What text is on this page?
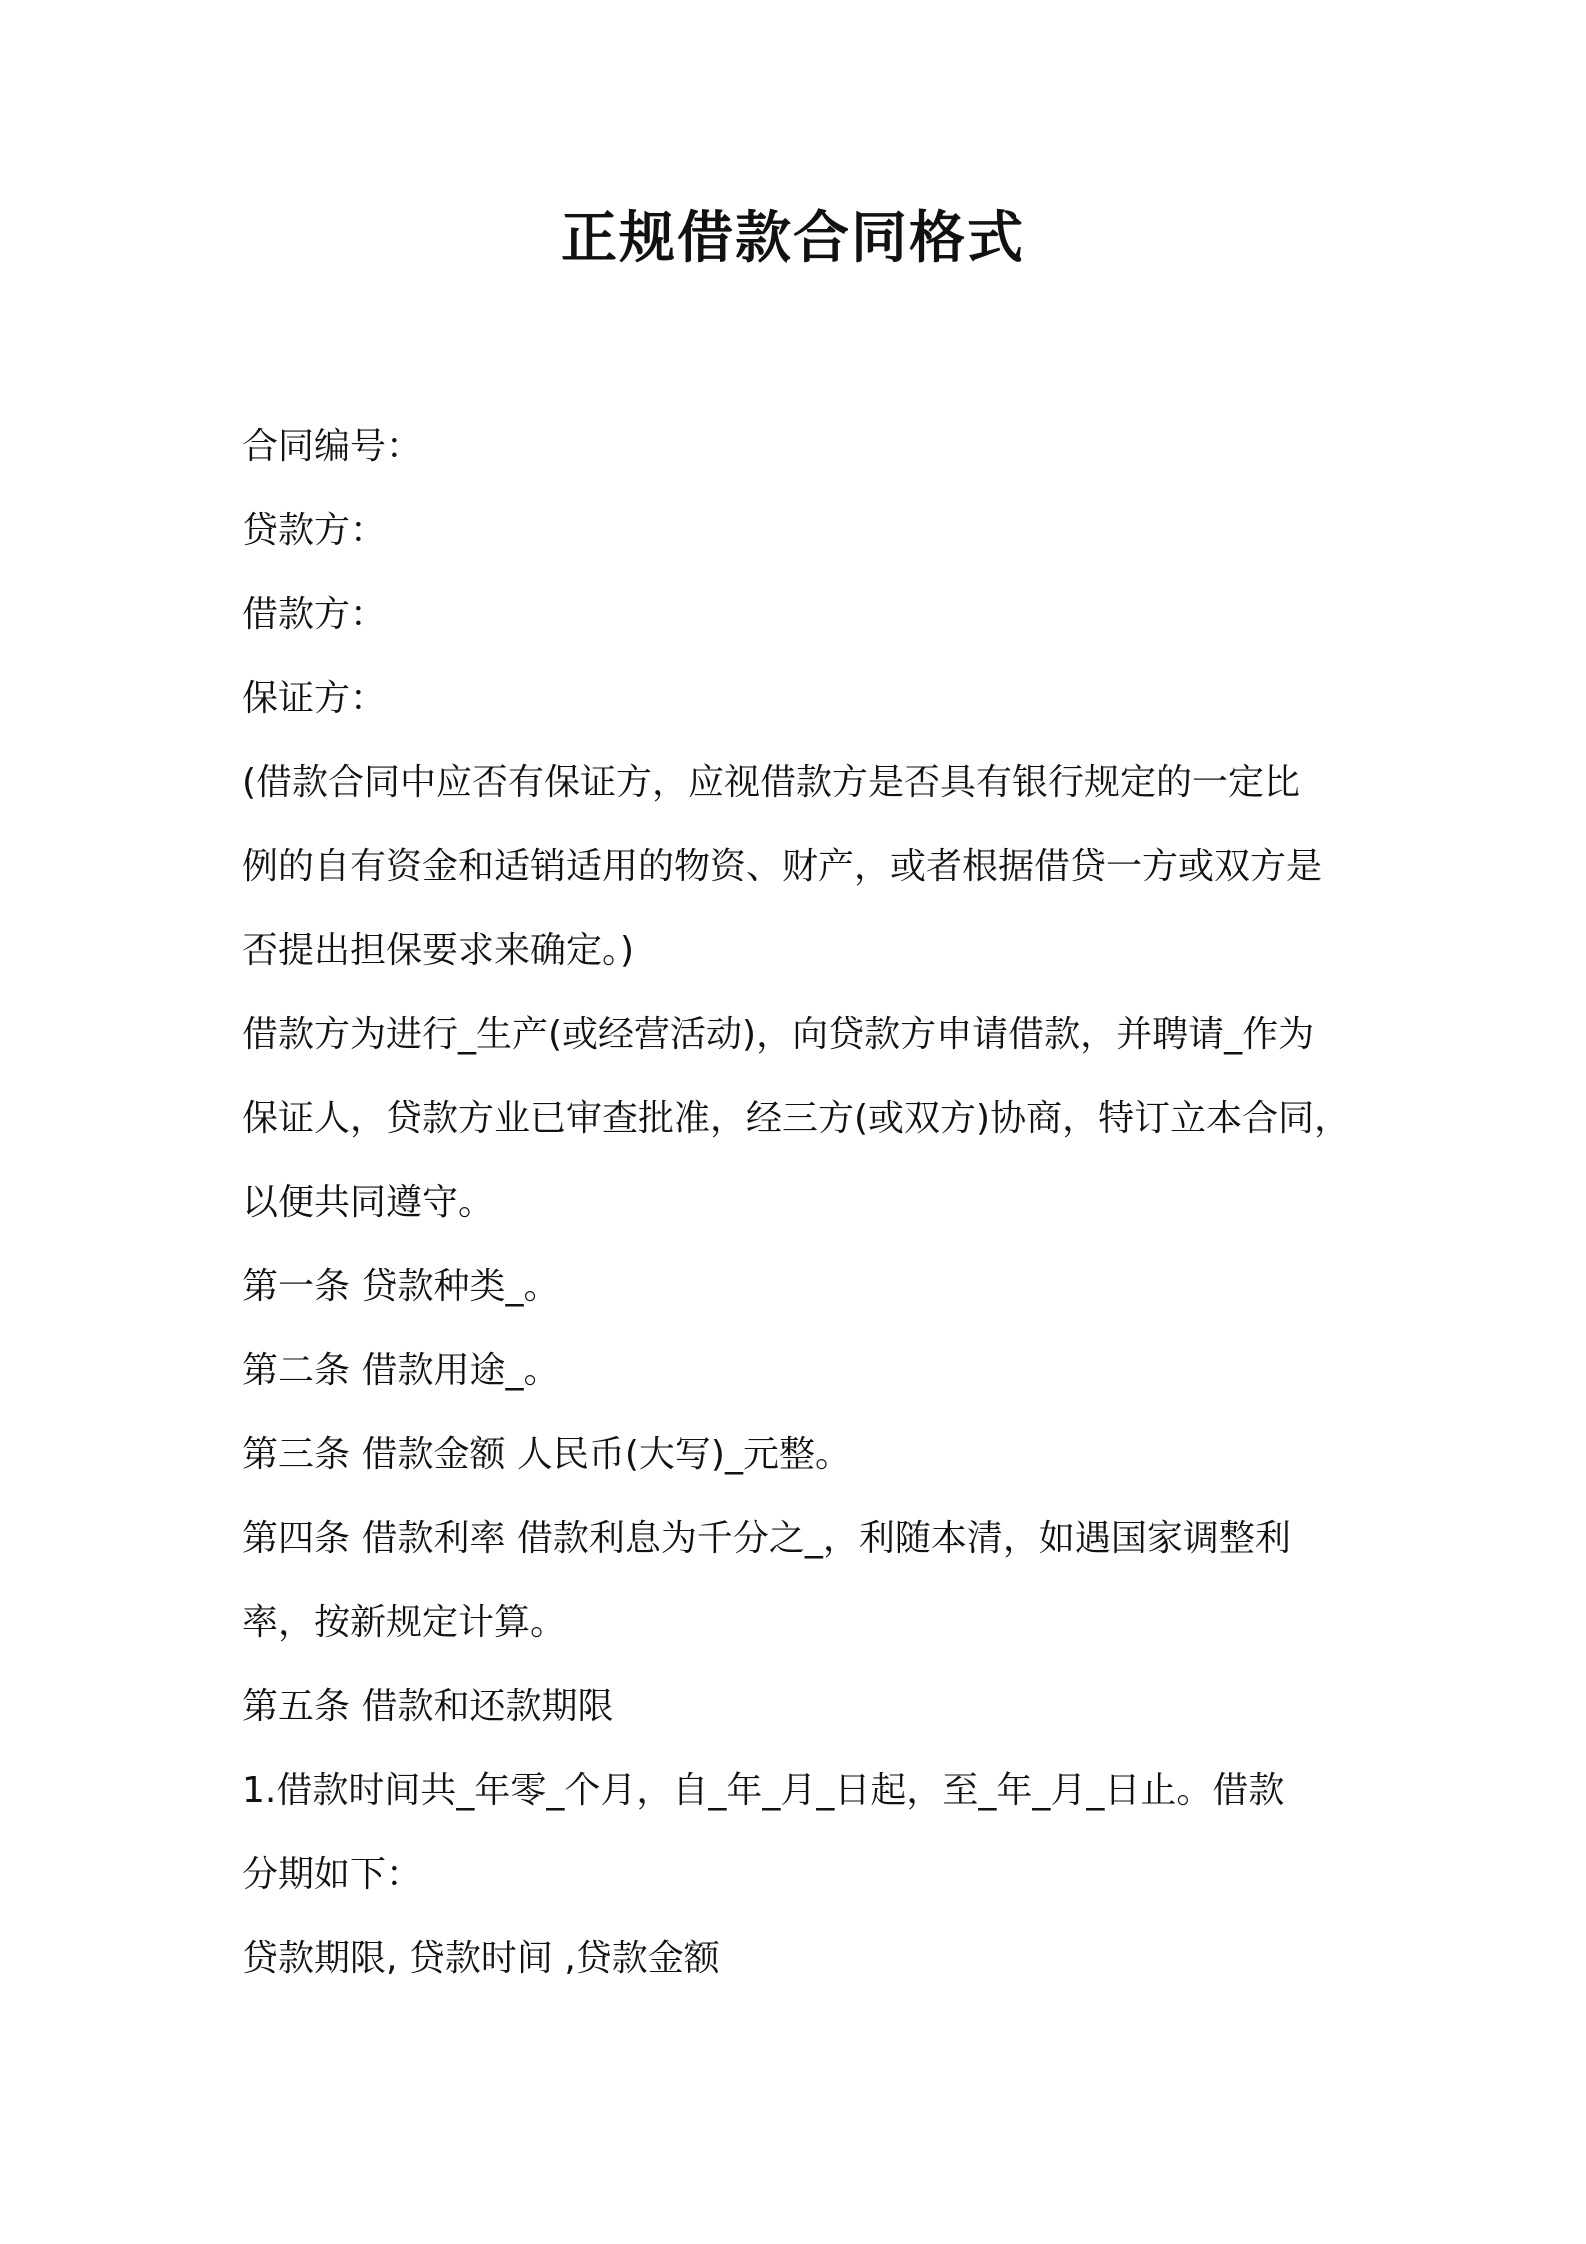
正规借款合同格式

合同编号：

贷款方：

借款方：

保证方：

(借款合同中应否有保证方，应视借款方是否具有银行规定的一定比
例的自有资金和适销适用的物资、财产，或者根据借贷一方或双方是
否提出担保要求来确定。)

借款方为进行_生产(或经营活动)，向贷款方申请借款，并聘请_作为
保证人，贷款方业已审查批准，经三方(或双方)协商，特订立本合同，
以便共同遵守。

第一条 贷款种类_。

第二条 借款用途_。

第三条 借款金额 人民币(大写)_元整。

第四条 借款利率 借款利息为千分之_，利随本清，如遇国家调整利
率，按新规定计算。

第五条 借款和还款期限

1.借款时间共_年零_个月，自_年_月_日起，至_年_月_日止。借款
分期如下：

贷款期限, 贷款时间 ,贷款金额
